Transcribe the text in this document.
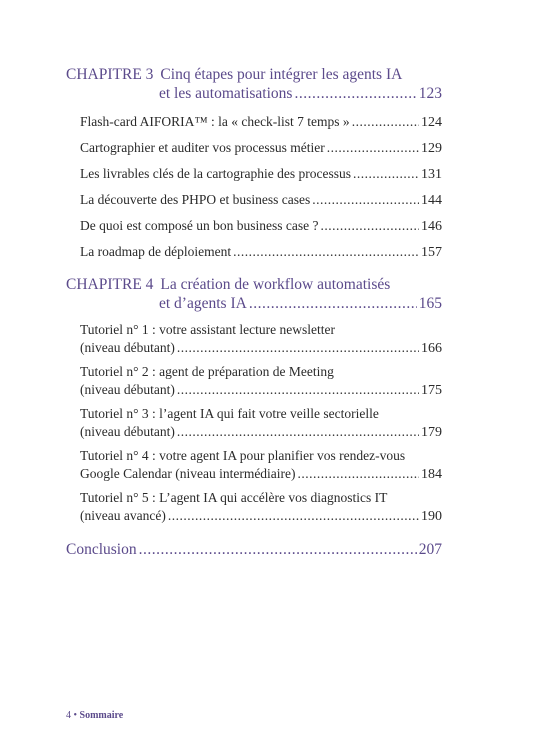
CHAPITRE 3 Cinq étapes pour intégrer les agents IA
et les automatisations .....	123
Flash-card AIFORIA™ : la « check-list 7 temps » .....	124
Cartographier et auditer vos processus métier .....	129
Les livrables clés de la cartographie des processus .....	131
La découverte des PHPO et business cases .....	144
De quoi est composé un bon business case ? .....	146
La roadmap de déploiement .....	157
CHAPITRE 4 La création de workflow automatisés
et d’agents IA .....	165
Tutoriel n° 1 : votre assistant lecture newsletter
(niveau débutant) .....	166
Tutoriel n° 2 : agent de préparation de Meeting
(niveau débutant) .....	175
Tutoriel n° 3 : l’agent IA qui fait votre veille sectorielle
(niveau débutant) .....	179
Tutoriel n° 4 : votre agent IA pour planifier vos rendez-vous
Google Calendar (niveau intermédiaire) .....	184
Tutoriel n° 5 : L’agent IA qui accélère vos diagnostics IT
(niveau avancé) .....	190
Conclusion .....	207
4 • Sommaire
